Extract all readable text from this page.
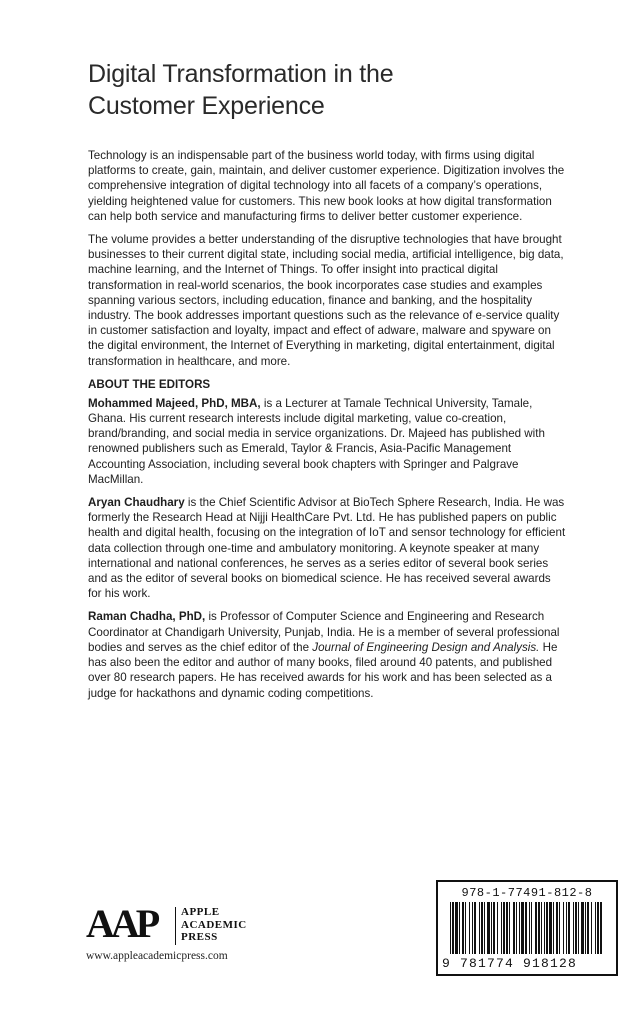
Digital Transformation in the
Customer Experience

Technology is an indispensable part of the business world today, with firms using digital platforms to create, gain, maintain, and deliver customer experience. Digitization involves the comprehensive integration of digital technology into all facets of a company’s operations, yielding heightened value for customers. This new book looks at how digital transformation can help both service and manufacturing firms to deliver better customer experience.

The volume provides a better understanding of the disruptive technologies that have brought businesses to their current digital state, including social media, artificial intelligence, big data, machine learning, and the Internet of Things. To offer insight into practical digital transformation in real-world scenarios, the book incorporates case studies and examples spanning various sectors, including education, finance and banking, and the hospitality industry. The book addresses important questions such as the relevance of e-service quality in customer satisfaction and loyalty, impact and effect of adware, malware and spyware on the digital environment, the Internet of Everything in marketing, digital entertainment, digital transformation in healthcare, and more.

ABOUT THE EDITORS

Mohammed Majeed, PhD, MBA, is a Lecturer at Tamale Technical University, Tamale, Ghana. His current research interests include digital marketing, value co-creation, brand/branding, and social media in service organizations. Dr. Majeed has published with renowned publishers such as Emerald, Taylor & Francis, Asia-Pacific Management Accounting Association, including several book chapters with Springer and Palgrave MacMillan.

Aryan Chaudhary is the Chief Scientific Advisor at BioTech Sphere Research, India. He was formerly the Research Head at Nijji HealthCare Pvt. Ltd. He has published papers on public health and digital health, focusing on the integration of IoT and sensor technology for efficient data collection through one-time and ambulatory monitoring. A keynote speaker at many international and national conferences, he serves as a series editor of several book series and as the editor of several books on biomedical science. He has received several awards for his work.

Raman Chadha, PhD, is Professor of Computer Science and Engineering and Research Coordinator at Chandigarh University, Punjab, India. He is a member of several professional bodies and serves as the chief editor of the Journal of Engineering Design and Analysis. He has also been the editor and author of many books, filed around 40 patents, and published over 80 research papers. He has received awards for his work and has been selected as a judge for hackathons and dynamic coding competitions.

AAP APPLE
ACADEMIC
PRESS
www.appleacademicpress.com
978-1-77491-812-8
9 781774 918128
